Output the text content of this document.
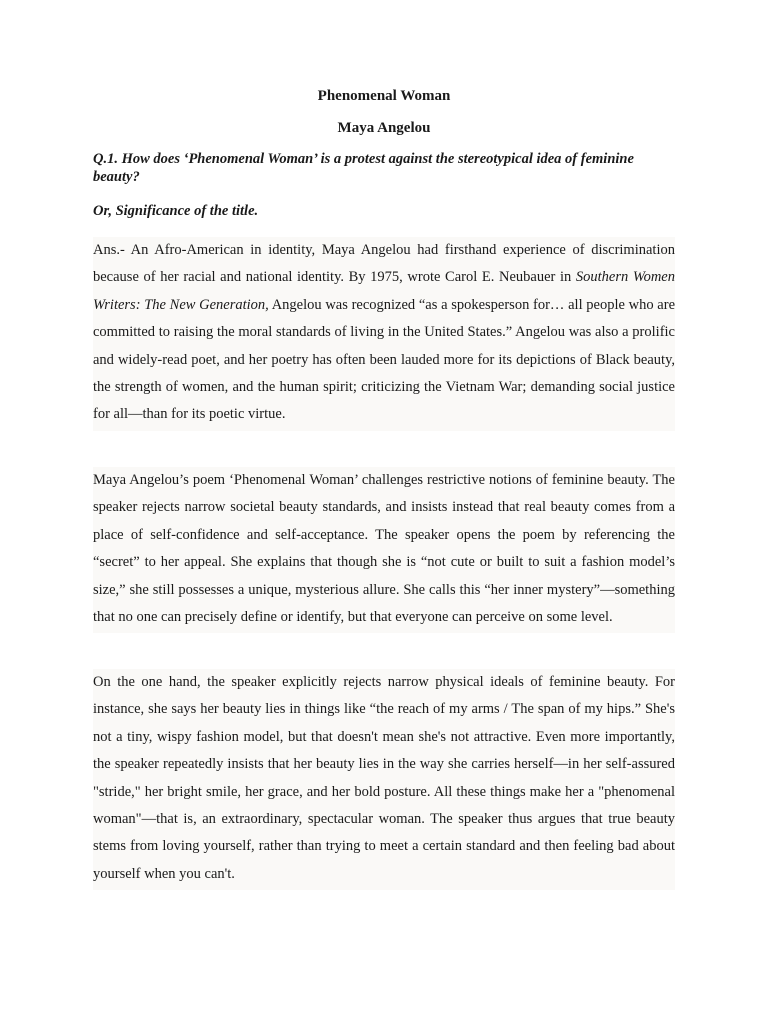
Phenomenal Woman
Maya Angelou
Q.1. How does ‘Phenomenal Woman’ is a protest against the stereotypical idea of feminine beauty?
Or, Significance of the title.

Ans.- An Afro-American in identity, Maya Angelou had firsthand experience of discrimination because of her racial and national identity. By 1975, wrote Carol E. Neubauer in Southern Women Writers: The New Generation, Angelou was recognized “as a spokesperson for… all people who are committed to raising the moral standards of living in the United States.” Angelou was also a prolific and widely-read poet, and her poetry has often been lauded more for its depictions of Black beauty, the strength of women, and the human spirit; criticizing the Vietnam War; demanding social justice for all—than for its poetic virtue.

Maya Angelou’s poem ‘Phenomenal Woman’ challenges restrictive notions of feminine beauty. The speaker rejects narrow societal beauty standards, and insists instead that real beauty comes from a place of self-confidence and self-acceptance. The speaker opens the poem by referencing the “secret” to her appeal. She explains that though she is “not cute or built to suit a fashion model’s size,” she still possesses a unique, mysterious allure. She calls this “her inner mystery”—something that no one can precisely define or identify, but that everyone can perceive on some level.

On the one hand, the speaker explicitly rejects narrow physical ideals of feminine beauty. For instance, she says her beauty lies in things like “the reach of my arms / The span of my hips.” She's not a tiny, wispy fashion model, but that doesn't mean she's not attractive. Even more importantly, the speaker repeatedly insists that her beauty lies in the way she carries herself—in her self-assured "stride," her bright smile, her grace, and her bold posture. All these things make her a "phenomenal woman"—that is, an extraordinary, spectacular woman. The speaker thus argues that true beauty stems from loving yourself, rather than trying to meet a certain standard and then feeling bad about yourself when you can't.
